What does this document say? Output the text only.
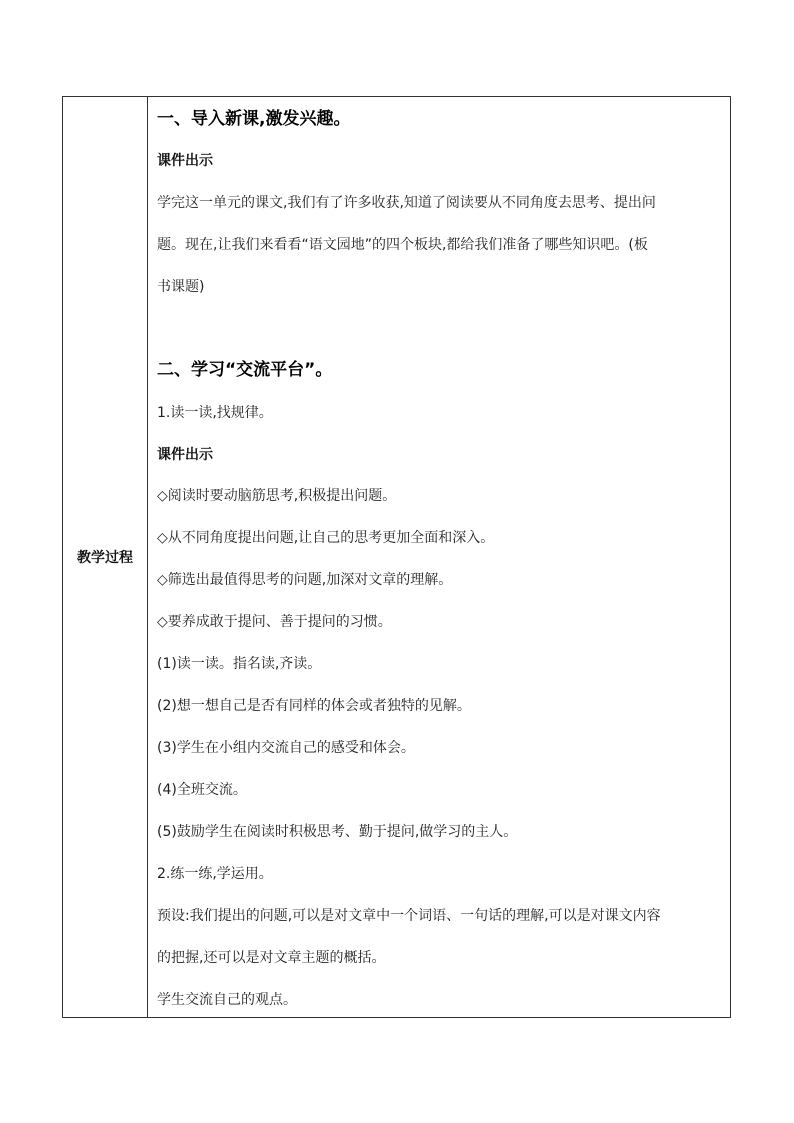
教学过程
一、导入新课,激发兴趣。
课件出示
学完这一单元的课文,我们有了许多收获,知道了阅读要从不同角度去思考、提出问
题。现在,让我们来看看“语文园地”的四个板块,都给我们准备了哪些知识吧。(板
书课题)
二、学习“交流平台”。
1.读一读,找规律。
课件出示
◇阅读时要动脑筋思考,积极提出问题。
◇从不同角度提出问题,让自己的思考更加全面和深入。
◇筛选出最值得思考的问题,加深对文章的理解。
◇要养成敢于提问、善于提问的习惯。
(1)读一读。指名读,齐读。
(2)想一想自己是否有同样的体会或者独特的见解。
(3)学生在小组内交流自己的感受和体会。
(4)全班交流。
(5)鼓励学生在阅读时积极思考、勤于提问,做学习的主人。
2.练一练,学运用。
预设:我们提出的问题,可以是对文章中一个词语、一句话的理解,可以是对课文内容
的把握,还可以是对文章主题的概括。
学生交流自己的观点。
